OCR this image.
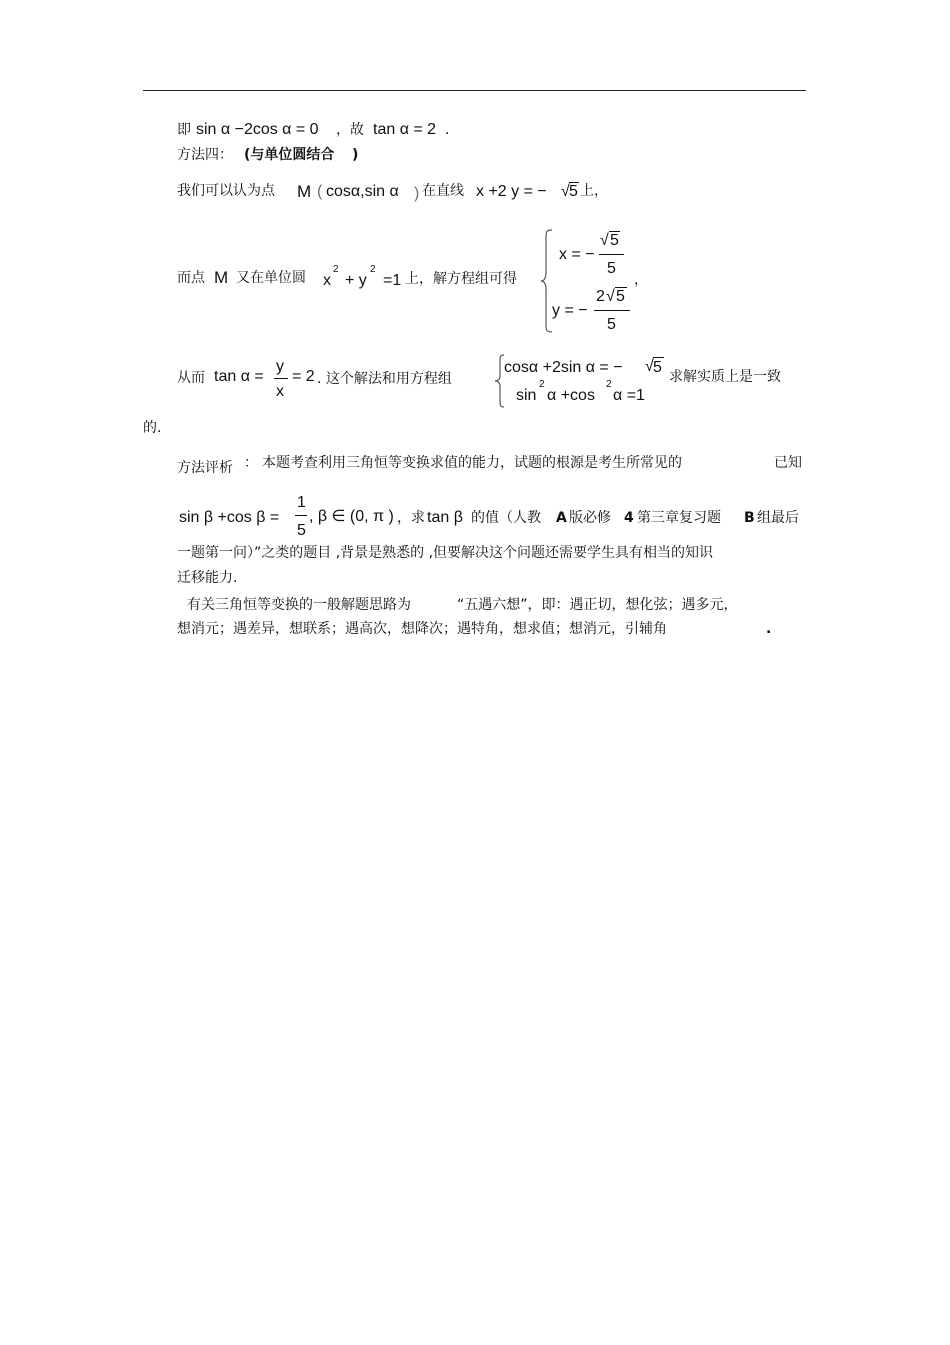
即 sin α −2cos α = 0 ，故 tan α = 2 .
方法四： (与单位圆结合 )
我们可以认为点 M ( cosα,sin α ) 在直线 x +2 y = − √ 5 上，
而点 M 又在单位圆 x
2
+ y
2
=1 上，解方程组可得
x = −
√ 5
5
，
y = −
2 √ 5
5
从而 tan α =
y
x
= 2 . 这个解法和用方程组
cosα +2sin α = − √ 5
sin
2
α +cos
2
α =1
求解实质上是一致
的.
方法评析 ： 本题考查利用三角恒等变换求值的能力，试题的根源是考生所常见的	已知
sin β +cos β =
1
5
, β ∈ (0, π ) ，求 tan β 的值（人教 A 版必修 4 第三章复习题 B 组最后
一题第一问）”之类的题目 ,背景是熟悉的 ,但要解决这个问题还需要学生具有相当的知识
迁移能力.
有关三角恒等变换的一般解题思路为	“五遇六想”，即：遇正切，想化弦；遇多元，
想消元；遇差异，想联系；遇高次，想降次；遇特角，想求值；想消元，引辅角	.
